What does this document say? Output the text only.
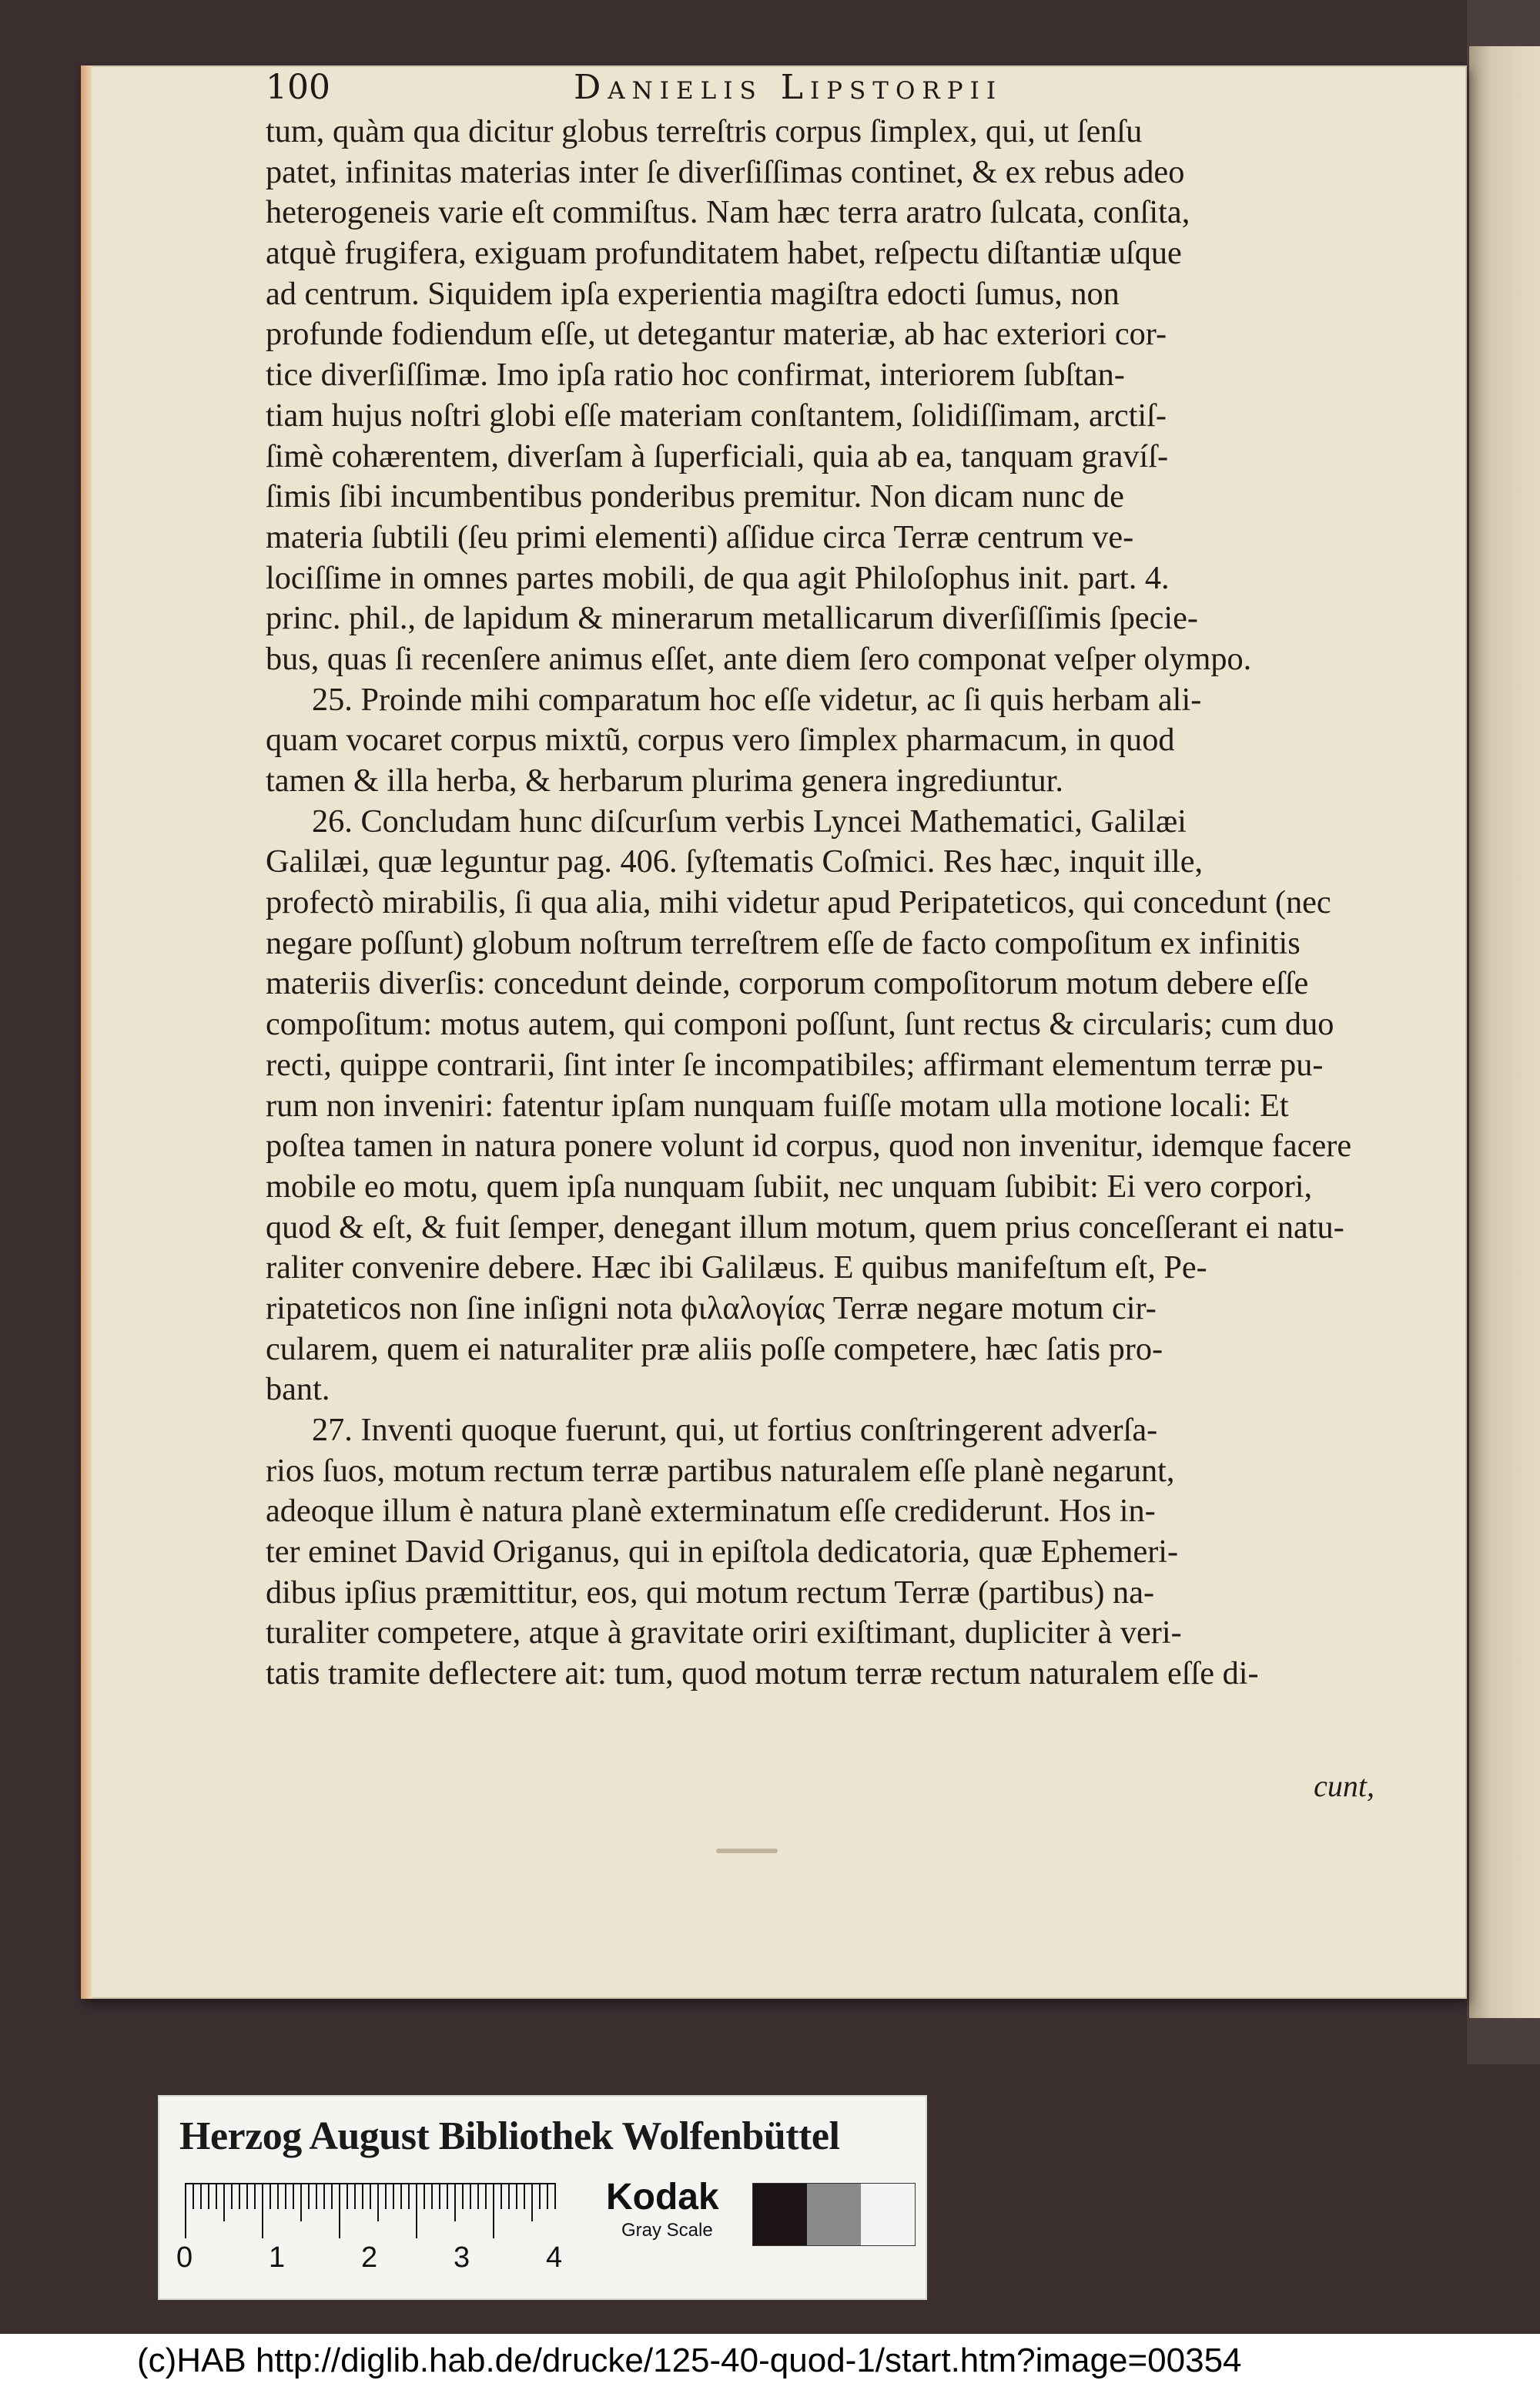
100	Danielis Lipstorpii
tum, quàm qua dicitur globus terreſtris corpus ſimplex, qui, ut ſenſu
patet, infinitas materias inter ſe diverſiſſimas continet, & ex rebus adeo
heterogeneis varie eſt commiſtus. Nam hæc terra aratro ſulcata, conſita,
atquè frugifera, exiguam profunditatem habet, reſpectu diſtantiæ uſque
ad centrum. Siquidem ipſa experientia magiſtra edocti ſumus, non
profunde fodiendum eſſe, ut detegantur materiæ, ab hac exteriori cor-
tice diverſiſſimæ. Imo ipſa ratio hoc confirmat, interiorem ſubſtan-
tiam hujus noſtri globi eſſe materiam conſtantem, ſolidiſſimam, arctiſ-
ſimè cohærentem, diverſam à ſuperficiali, quia ab ea, tanquam gravíſ-
ſimis ſibi incumbentibus ponderibus premitur. Non dicam nunc de
materia ſubtili (ſeu primi elementi) aſſidue circa Terræ centrum ve-
lociſſime in omnes partes mobili, de qua agit Philoſophus init. part. 4.
princ. phil., de lapidum & minerarum metallicarum diverſiſſimis ſpecie-
bus, quas ſi recenſere animus eſſet, ante diem ſero componat veſper olympo.
25. Proinde mihi comparatum hoc eſſe videtur, ac ſi quis herbam ali-
quam vocaret corpus mixtũ, corpus vero ſimplex pharmacum, in quod
tamen & illa herba, & herbarum plurima genera ingrediuntur.
26. Concludam hunc diſcurſum verbis Lyncei Mathematici, Galilæi
Galilæi, quæ leguntur pag. 406. ſyſtematis Coſmici. Res hæc, inquit ille,
profectò mirabilis, ſi qua alia, mihi videtur apud Peripateticos, qui concedunt (nec
negare poſſunt) globum noſtrum terreſtrem eſſe de facto compoſitum ex infinitis
materiis diverſis: concedunt deinde, corporum compoſitorum motum debere eſſe
compoſitum: motus autem, qui componi poſſunt, ſunt rectus & circularis; cum duo
recti, quippe contrarii, ſint inter ſe incompatibiles; affirmant elementum terræ pu-
rum non inveniri: fatentur ipſam nunquam fuiſſe motam ulla motione locali: Et
poſtea tamen in natura ponere volunt id corpus, quod non invenitur, idemque facere
mobile eo motu, quem ipſa nunquam ſubiit, nec unquam ſubibit: Ei vero corpori,
quod & eſt, & fuit ſemper, denegant illum motum, quem prius conceſſerant ei natu-
raliter convenire debere. Hæc ibi Galilæus. E quibus manifeſtum eſt, Pe-
ripateticos non ſine inſigni nota ϕιλαλογίας Terræ negare motum cir-
cularem, quem ei naturaliter præ aliis poſſe competere, hæc ſatis pro-
bant.
27. Inventi quoque fuerunt, qui, ut fortius conſtringerent adverſa-
rios ſuos, motum rectum terræ partibus naturalem eſſe planè negarunt,
adeoque illum è natura planè exterminatum eſſe crediderunt. Hos in-
ter eminet David Origanus, qui in epiſtola dedicatoria, quæ Ephemeri-
dibus ipſius præmittitur, eos, qui motum rectum Terræ (partibus) na-
turaliter competere, atque à gravitate oriri exiſtimant, dupliciter à veri-
tatis tramite deflectere ait: tum, quod motum terræ rectum naturalem eſſe di-
cunt,
Herzog August Bibliothek Wolfenbüttel
0	1	2	3	4
Kodak
Gray Scale
(c)HAB http://diglib.hab.de/drucke/125-40-quod-1/start.htm?image=00354
